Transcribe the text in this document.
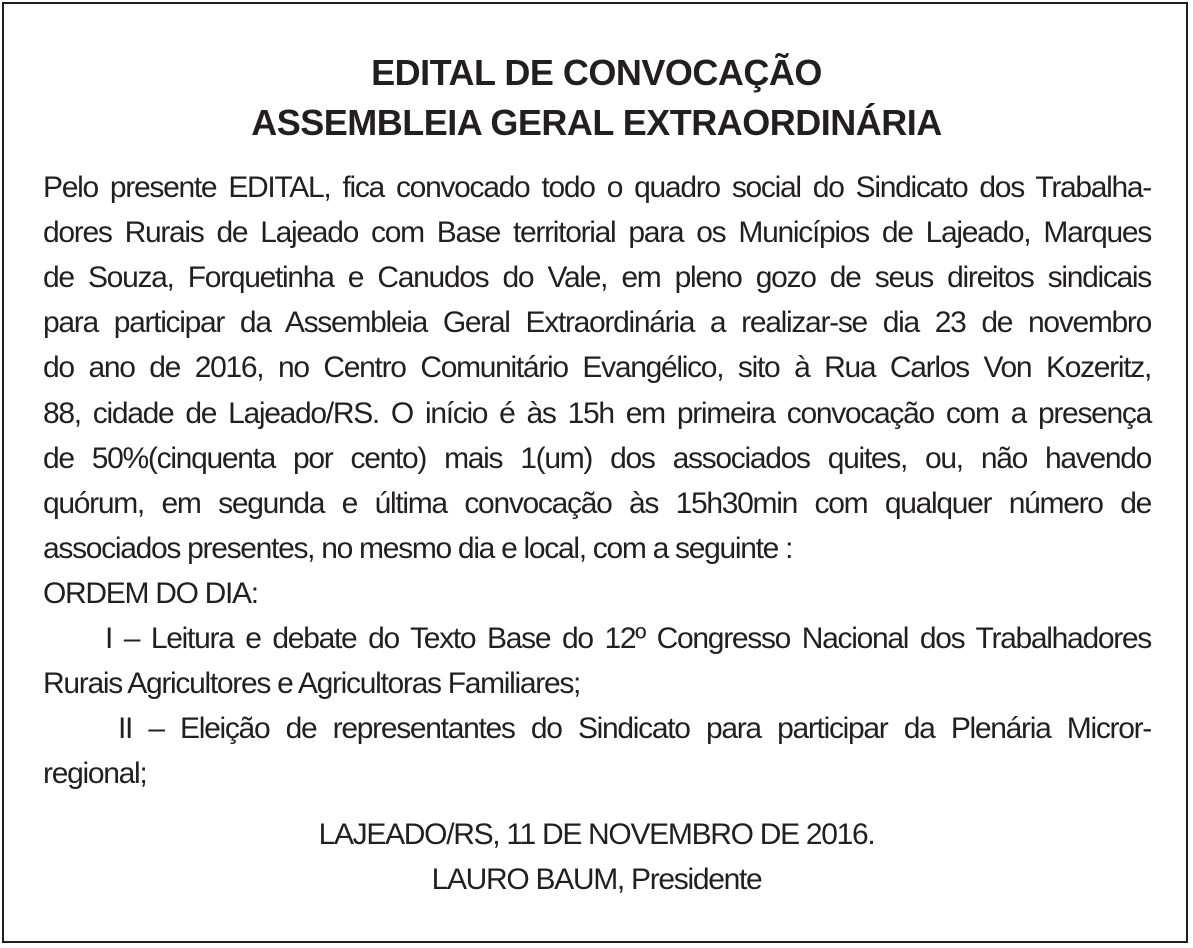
EDITAL DE CONVOCAÇÃO
ASSEMBLEIA GERAL EXTRAORDINÁRIA
Pelo presente EDITAL, fica convocado todo o quadro social do Sindicato dos Trabalha-
dores Rurais de Lajeado com Base territorial para os Municípios de Lajeado, Marques
de Souza, Forquetinha e Canudos do Vale, em pleno gozo de seus direitos sindicais
para participar da Assembleia Geral Extraordinária a realizar-se dia 23 de novembro
do ano de 2016, no Centro Comunitário Evangélico, sito à Rua Carlos Von Kozeritz,
88, cidade de Lajeado/RS. O início é às 15h em primeira convocação com a presença
de 50%(cinquenta por cento) mais 1(um) dos associados quites, ou, não havendo
quórum, em segunda e última convocação às 15h30min com qualquer número de
associados presentes, no mesmo dia e local, com a seguinte :
ORDEM DO DIA:
I – Leitura e debate do Texto Base do 12º Congresso Nacional dos Trabalhadores
Rurais Agricultores e Agricultoras Familiares;
II – Eleição de representantes do Sindicato para participar da Plenária Micror-
regional;
LAJEADO/RS, 11 DE NOVEMBRO DE 2016.
LAURO BAUM, Presidente
